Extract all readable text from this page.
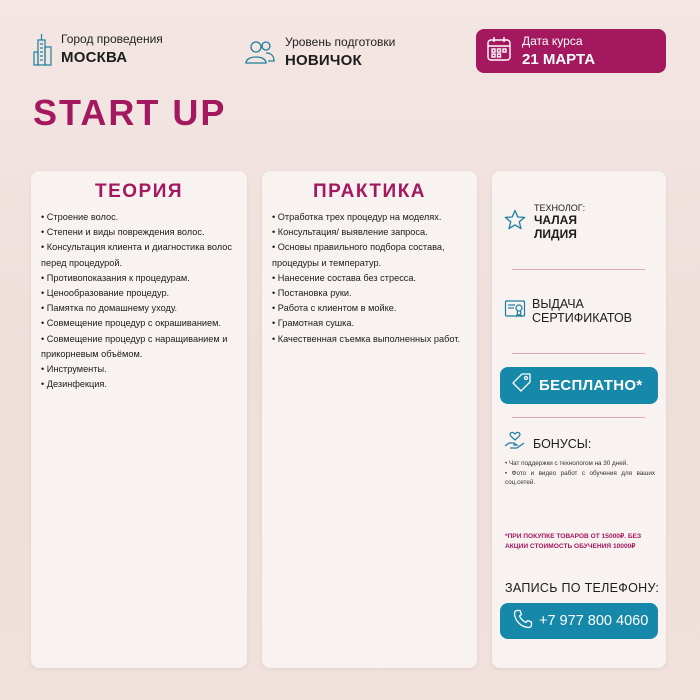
Город проведения
МОСКВА
Уровень подготовки
НОВИЧОК
Дата курса
21 МАРТА
START UP
ТЕОРИЯ
• Строение волос.
• Степени и виды повреждения волос.
• Консультация клиента и диагностика волос перед процедурой.
• Противопоказания к процедурам.
• Ценообразование процедур.
• Памятка по домашнему уходу.
• Совмещение процедур с окрашиванием.
• Совмещение процедур с наращиванием и прикорневым объёмом.
• Инструменты.
• Дезинфекция.
ПРАКТИКА
• Отработка трех процедур на моделях.
• Консультация/ выявление запроса.
• Основы правильного подбора состава, процедуры и температур.
• Нанесение состава без стресса.
• Постановка руки.
• Работа с клиентом в мойке.
• Грамотная сушка.
• Качественная съемка выполненных работ.
ТЕХНОЛОГ:
ЧАЛАЯ
ЛИДИЯ
ВЫДАЧА
СЕРТИФИКАТОВ
БЕСПЛАТНО*
БОНУСЫ:
• Чат поддержки с технологом на 30 дней.
• Фото и видео работ с обучения для ваших соц.сетей.
*ПРИ ПОКУПКЕ ТОВАРОВ ОТ 15000₽. БЕЗ АКЦИИ СТОИМОСТЬ ОБУЧЕНИЯ 10000₽
ЗАПИСЬ ПО ТЕЛЕФОНУ:
+7 977 800 4060
